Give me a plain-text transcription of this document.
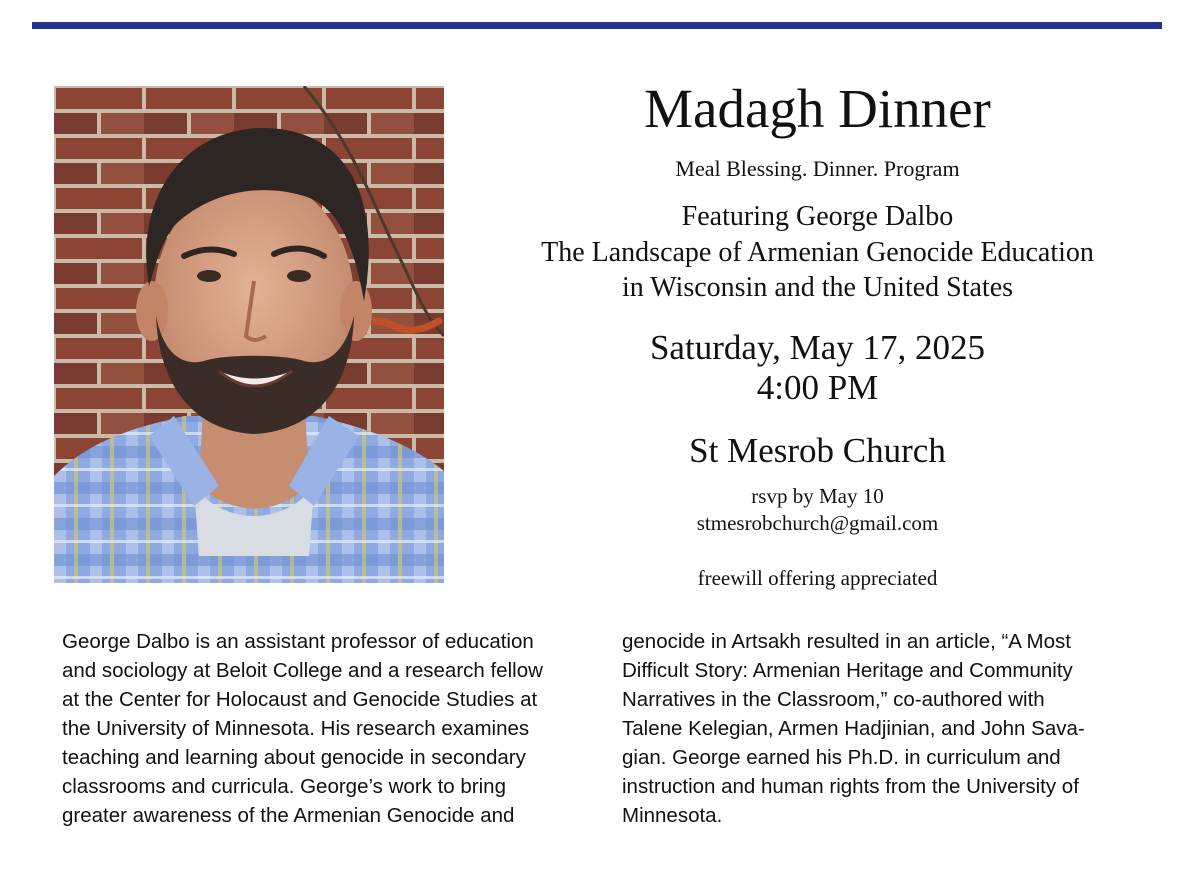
Madagh Dinner
Meal Blessing. Dinner. Program
Featuring George Dalbo
The Landscape of Armenian Genocide Education
in Wisconsin and the United States
Saturday, May 17, 2025
4:00 PM
St Mesrob Church
rsvp by May 10
stmesrobchurch@gmail.com
freewill offering appreciated
George Dalbo is an assistant professor of education
and sociology at Beloit College and a research fellow
at the Center for Holocaust and Genocide Studies at
the University of Minnesota. His research examines
teaching and learning about genocide in secondary
classrooms and curricula. George’s work to bring
greater awareness of the Armenian Genocide and
genocide in Artsakh resulted in an article, “A Most
Difficult Story: Armenian Heritage and Community
Narratives in the Classroom,” co-authored with
Talene Kelegian, Armen Hadjinian, and John Sava-
gian. George earned his Ph.D. in curriculum and
instruction and human rights from the University of
Minnesota.
